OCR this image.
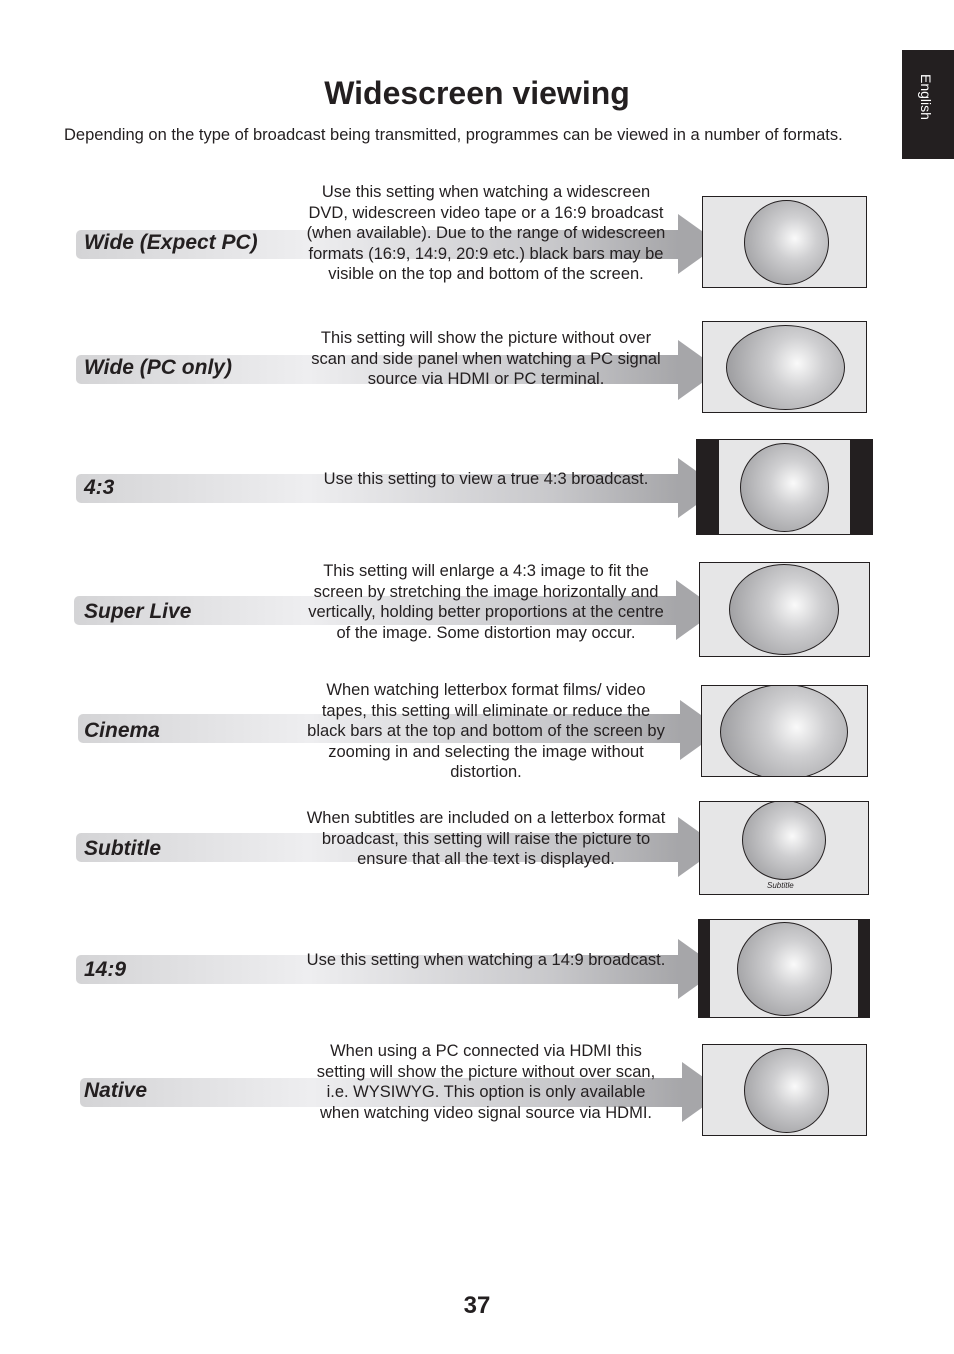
English
Widescreen viewing

Depending on the type of broadcast being transmitted, programmes can be viewed in a number of formats.

Wide (Expect PC)

Use this setting when watching a widescreen DVD, widescreen video tape or a 16:9 broadcast (when available). Due to the range of widescreen formats (16:9, 14:9, 20:9 etc.) black bars may be visible on the top and bottom of the screen.

Wide (PC only)

This setting will show the picture without over scan and side panel when watching a PC signal source via HDMI or PC terminal.

4:3	Use this setting to view a true 4:3 broadcast.

Super Live

This setting will enlarge a 4:3 image to fit the screen by stretching the image horizontally and vertically, holding better proportions at the centre of the image. Some distortion may occur.

Cinema

When watching letterbox format films/ video tapes, this setting will eliminate or reduce the black bars at the top and bottom of the screen by zooming in and selecting the image without distortion.

Subtitle

When subtitles are included on a letterbox format broadcast, this setting will raise the picture to ensure that all the text is displayed.

Subtitle
14:9	Use this setting when watching a 14:9 broadcast.

Native

When using a PC connected via HDMI this setting will show the picture without over scan, i.e. WYSIWYG. This option is only available when watching video signal source via HDMI.

37
